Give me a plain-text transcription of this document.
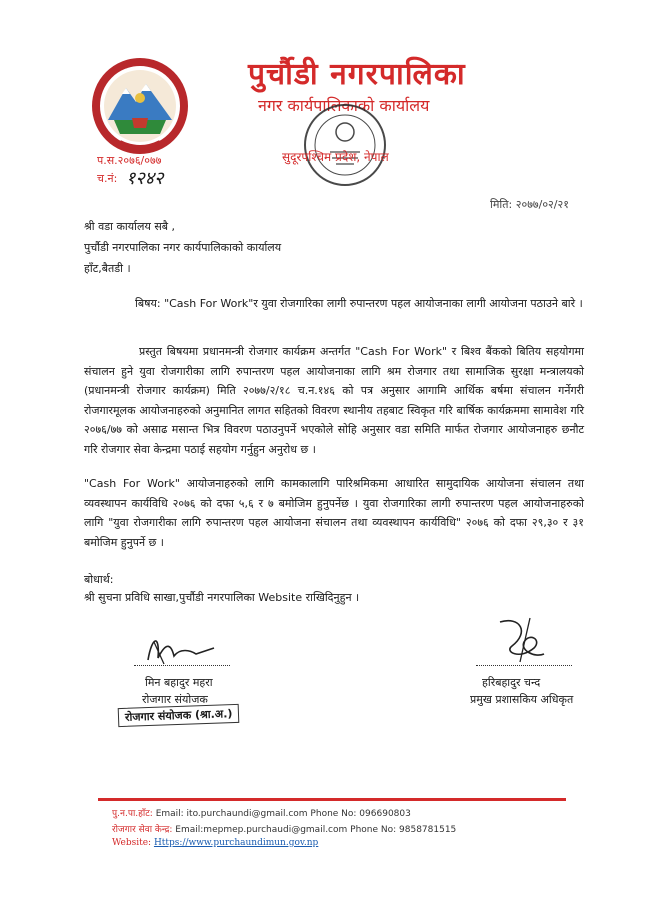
पुर्चौडी नगरपालिका
नगर कार्यपालिकाको कार्यालय
सुदूरपश्चिम प्रदेश, नेपाल
प.स.२०७६/०७७
च.नं: १२४२
मिति: २०७७/०२/२१
श्री वडा कार्यालय सबै ,
पुर्चौडी नगरपालिका नगर कार्यपालिकाको कार्यालय
हाँट,बैतडी ।
बिषय: "Cash For Work"र युवा रोजगारिका लागी रुपान्तरण पहल आयोजनाका लागी आयोजना पठाउने बारे ।
प्रस्तुत बिषयमा प्रधानमन्त्री रोजगार कार्यक्रम अन्तर्गत "Cash For Work" र बिश्व बैंकको बितिय सहयोगमा संचालन हुने युवा रोजगारीका लागि रुपान्तरण पहल आयोजनाका लागि श्रम रोजगार तथा सामाजिक सुरक्षा मन्त्रालयको (प्रधानमन्त्री रोजगार कार्यक्रम) मिति २०७७/२/१८ च.न.१४६ को पत्र अनुसार आगामि आर्थिक बर्षमा संचालन गर्नेगरी रोजगारमूलक आयोजनाहरुको अनुमानित लागत सहितको विवरण स्थानीय तहबाट स्विकृत गरि बार्षिक कार्यक्रममा सामावेश गरि २०७६/७७ को असाढ मसान्त भित्र विवरण पठाउनुपर्ने भएकोले सोहि अनुसार वडा समिति मार्फत रोजगार आयोजनाहरु छनौट गरि रोजगार सेवा केन्द्रमा पठाई सहयोग गर्नुहुन अनुरोध छ ।
"Cash For Work" आयोजनाहरुको लागि कामकालागि पारिश्रमिकमा आधारित सामुदायिक आयोजना संचालन तथा व्यवस्थापन कार्यविधि २०७६ को दफा ५,६ र ७ बमोजिम हुनुपर्नेछ । युवा रोजगारिका लागी रुपान्तरण पहल आयोजनाहरुको लागि "युवा रोजगारीका लागि रुपान्तरण पहल आयोजना संचालन तथा व्यवस्थापन कार्यविधि" २०७६ को दफा २९,३० र ३१ बमोजिम हुनुपर्ने छ ।
बोधार्थ:
श्री सुचना प्रविधि साखा,पुर्चौडी नगरपालिका Website राखिदिनुहुन ।
मिन बहादुर महरा
रोजगार संयोजक
रोजगार संयोजक (श्रा.अ.)
हरिबहादुर चन्द
प्रमुख प्रशासकिय अधिकृत
पु.न.पा.हाँट: Email: ito.purchaundi@gmail.com Phone No: 096690803
रोजगार सेवा केन्द्र: Email:mepmep.purchaudi@gmail.com Phone No: 9858781515
Website: Https://www.purchaundimun.gov.np
